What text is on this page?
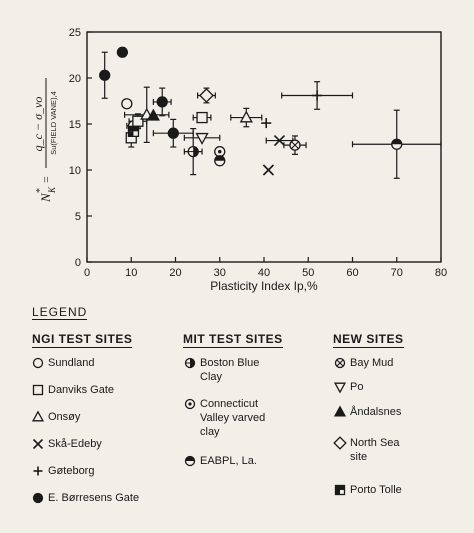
0	10	20	30	40	50	60	70	80
0
5
10
15
20
25
Plasticity Index Ip,%
N
K
*
=
q_c − σ_vo Su(FIELD VANE),4
LEGEND
NGI TEST SITES	MIT TEST SITES	NEW SITES
Sundland
Danviks Gate
Onsøy
Skå-Edeby
Gøteborg
E. Børresens Gate
Boston Blue
Clay
Connecticut
Valley varved
clay
EABPL, La.
Bay Mud
Po
Åndalsnes
North Sea
site
Porto Tolle
